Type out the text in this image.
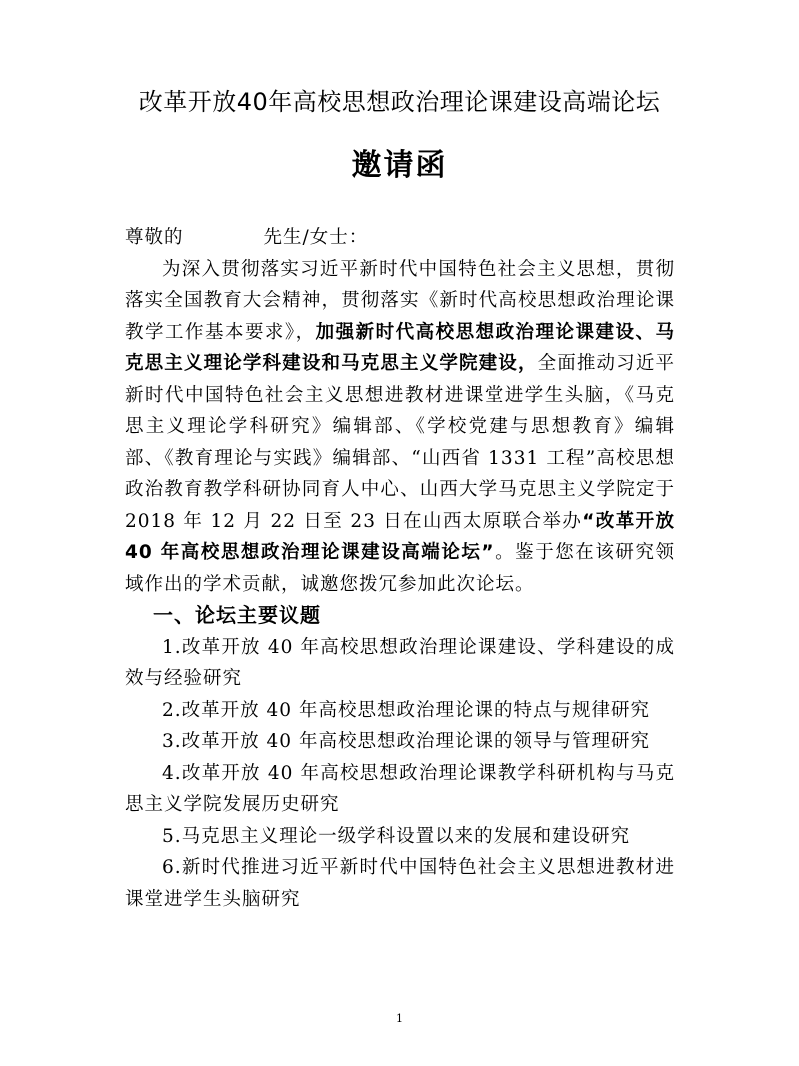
改革开放40年高校思想政治理论课建设高端论坛
邀请函

尊敬的	先生/女士：

为深入贯彻落实习近平新时代中国特色社会主义思想，贯彻落实全国教育大会精神，贯彻落实《新时代高校思想政治理论课教学工作基本要求》，加强新时代高校思想政治理论课建设、马克思主义理论学科建设和马克思主义学院建设，全面推动习近平新时代中国特色社会主义思想进教材进课堂进学生头脑，《马克思主义理论学科研究》编辑部、《学校党建与思想教育》编辑部、《教育理论与实践》编辑部、“山西省 1331 工程”高校思想政治教育教学科研协同育人中心、山西大学马克思主义学院定于 2018 年 12 月 22 日至 23 日在山西太原联合举办“改革开放 40 年高校思想政治理论课建设高端论坛”。鉴于您在该研究领域作出的学术贡献，诚邀您拨冗参加此次论坛。

一、论坛主要议题

1.改革开放 40 年高校思想政治理论课建设、学科建设的成效与经验研究

2.改革开放 40 年高校思想政治理论课的特点与规律研究

3.改革开放 40 年高校思想政治理论课的领导与管理研究

4.改革开放 40 年高校思想政治理论课教学科研机构与马克思主义学院发展历史研究

5.马克思主义理论一级学科设置以来的发展和建设研究

6.新时代推进习近平新时代中国特色社会主义思想进教材进课堂进学生头脑研究

1
